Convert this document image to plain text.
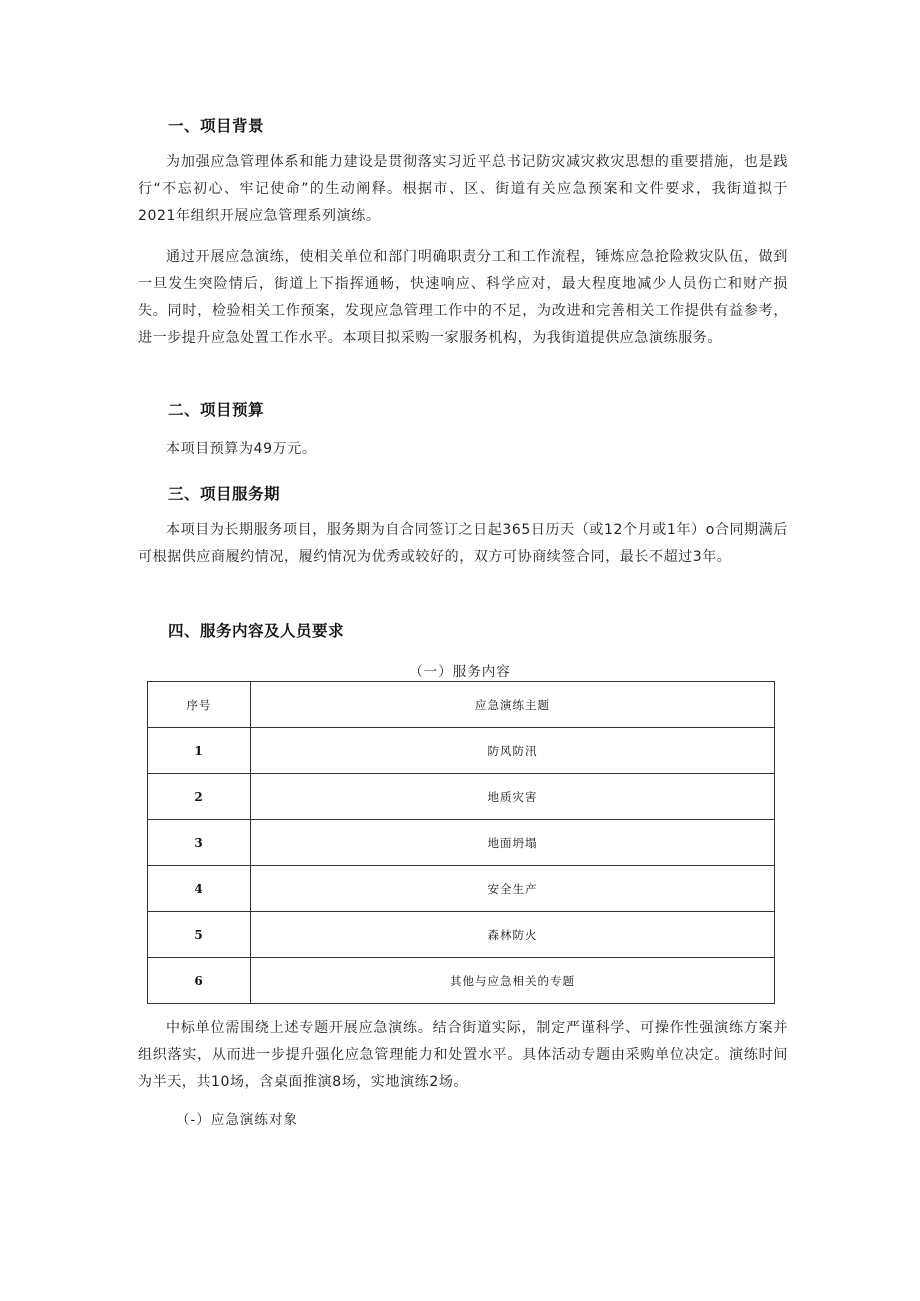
一、项目背景
为加强应急管理体系和能力建设是贯彻落实习近平总书记防灾减灾救灾思想的重要措施，也是践行“不忘初心、牢记使命”的生动阐释。根据市、区、街道有关应急预案和文件要求，我街道拟于2021年组织开展应急管理系列演练。
通过开展应急演练，使相关单位和部门明确职责分工和工作流程，锤炼应急抢险救灾队伍，做到一旦发生突险情后，街道上下指挥通畅，快速响应、科学应对，最大程度地减少人员伤亡和财产损失。同时，检验相关工作预案，发现应急管理工作中的不足，为改进和完善相关工作提供有益参考，进一步提升应急处置工作水平。本项目拟采购一家服务机构，为我街道提供应急演练服务。
二、项目预算
本项目预算为49万元。
三、项目服务期
本项目为长期服务项目，服务期为自合同签订之日起365日历天（或12个月或1年）o合同期满后可根据供应商履约情况，履约情况为优秀或较好的，双方可协商续签合同，最长不超过3年。
四、服务内容及人员要求
（一）服务内容
序号	应急演练主题
1	防风防汛
2	地质灾害
3	地面坍塌
4	安全生产
5	森林防火
6	其他与应急相关的专题
中标单位需围绕上述专题开展应急演练。结合街道实际，制定严谨科学、可操作性强演练方案并组织落实，从而进一步提升强化应急管理能力和处置水平。具体活动专题由采购单位决定。演练时间为半天，共10场，含桌面推演8场，实地演练2场。
（-）应急演练对象
